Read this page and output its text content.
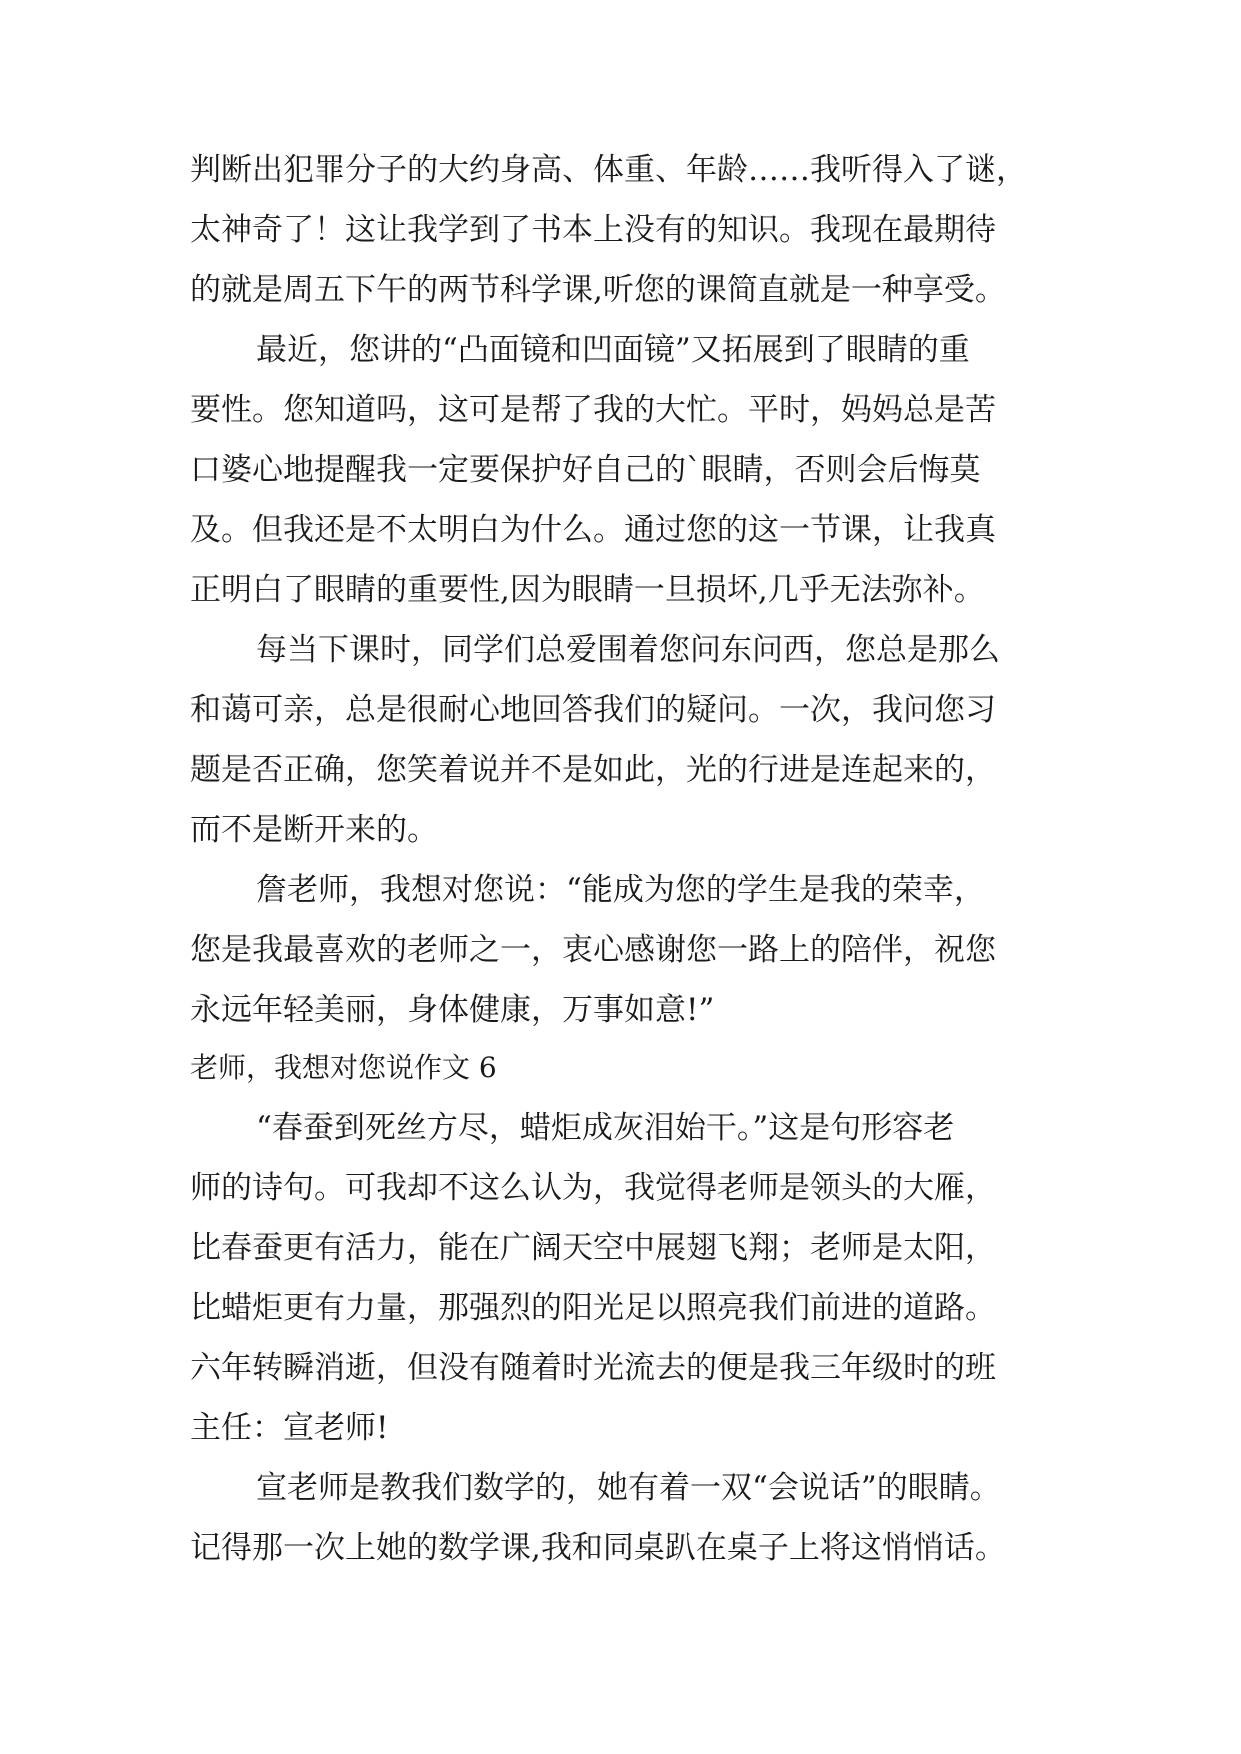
判断出犯罪分子的大约身高、体重、年龄……我听得入了谜，
太神奇了！这让我学到了书本上没有的知识。我现在最期待
的就是周五下午的两节科学课,听您的课简直就是一种享受。
最近，您讲的“凸面镜和凹面镜”又拓展到了眼睛的重
要性。您知道吗，这可是帮了我的大忙。平时，妈妈总是苦
口婆心地提醒我一定要保护好自己的`眼睛，否则会后悔莫
及。但我还是不太明白为什么。通过您的这一节课，让我真
正明白了眼睛的重要性,因为眼睛一旦损坏,几乎无法弥补。
每当下课时，同学们总爱围着您问东问西，您总是那么
和蔼可亲，总是很耐心地回答我们的疑问。一次，我问您习
题是否正确，您笑着说并不是如此，光的行进是连起来的，
而不是断开来的。
詹老师，我想对您说：“能成为您的学生是我的荣幸，
您是我最喜欢的老师之一，衷心感谢您一路上的陪伴，祝您
永远年轻美丽，身体健康，万事如意!”
老师，我想对您说作文 6
“春蚕到死丝方尽，蜡炬成灰泪始干。”这是句形容老
师的诗句。可我却不这么认为，我觉得老师是领头的大雁，
比春蚕更有活力，能在广阔天空中展翅飞翔；老师是太阳，
比蜡炬更有力量，那强烈的阳光足以照亮我们前进的道路。
六年转瞬消逝，但没有随着时光流去的便是我三年级时的班
主任：宣老师!
宣老师是教我们数学的，她有着一双“会说话”的眼睛。
记得那一次上她的数学课,我和同桌趴在桌子上将这悄悄话。
